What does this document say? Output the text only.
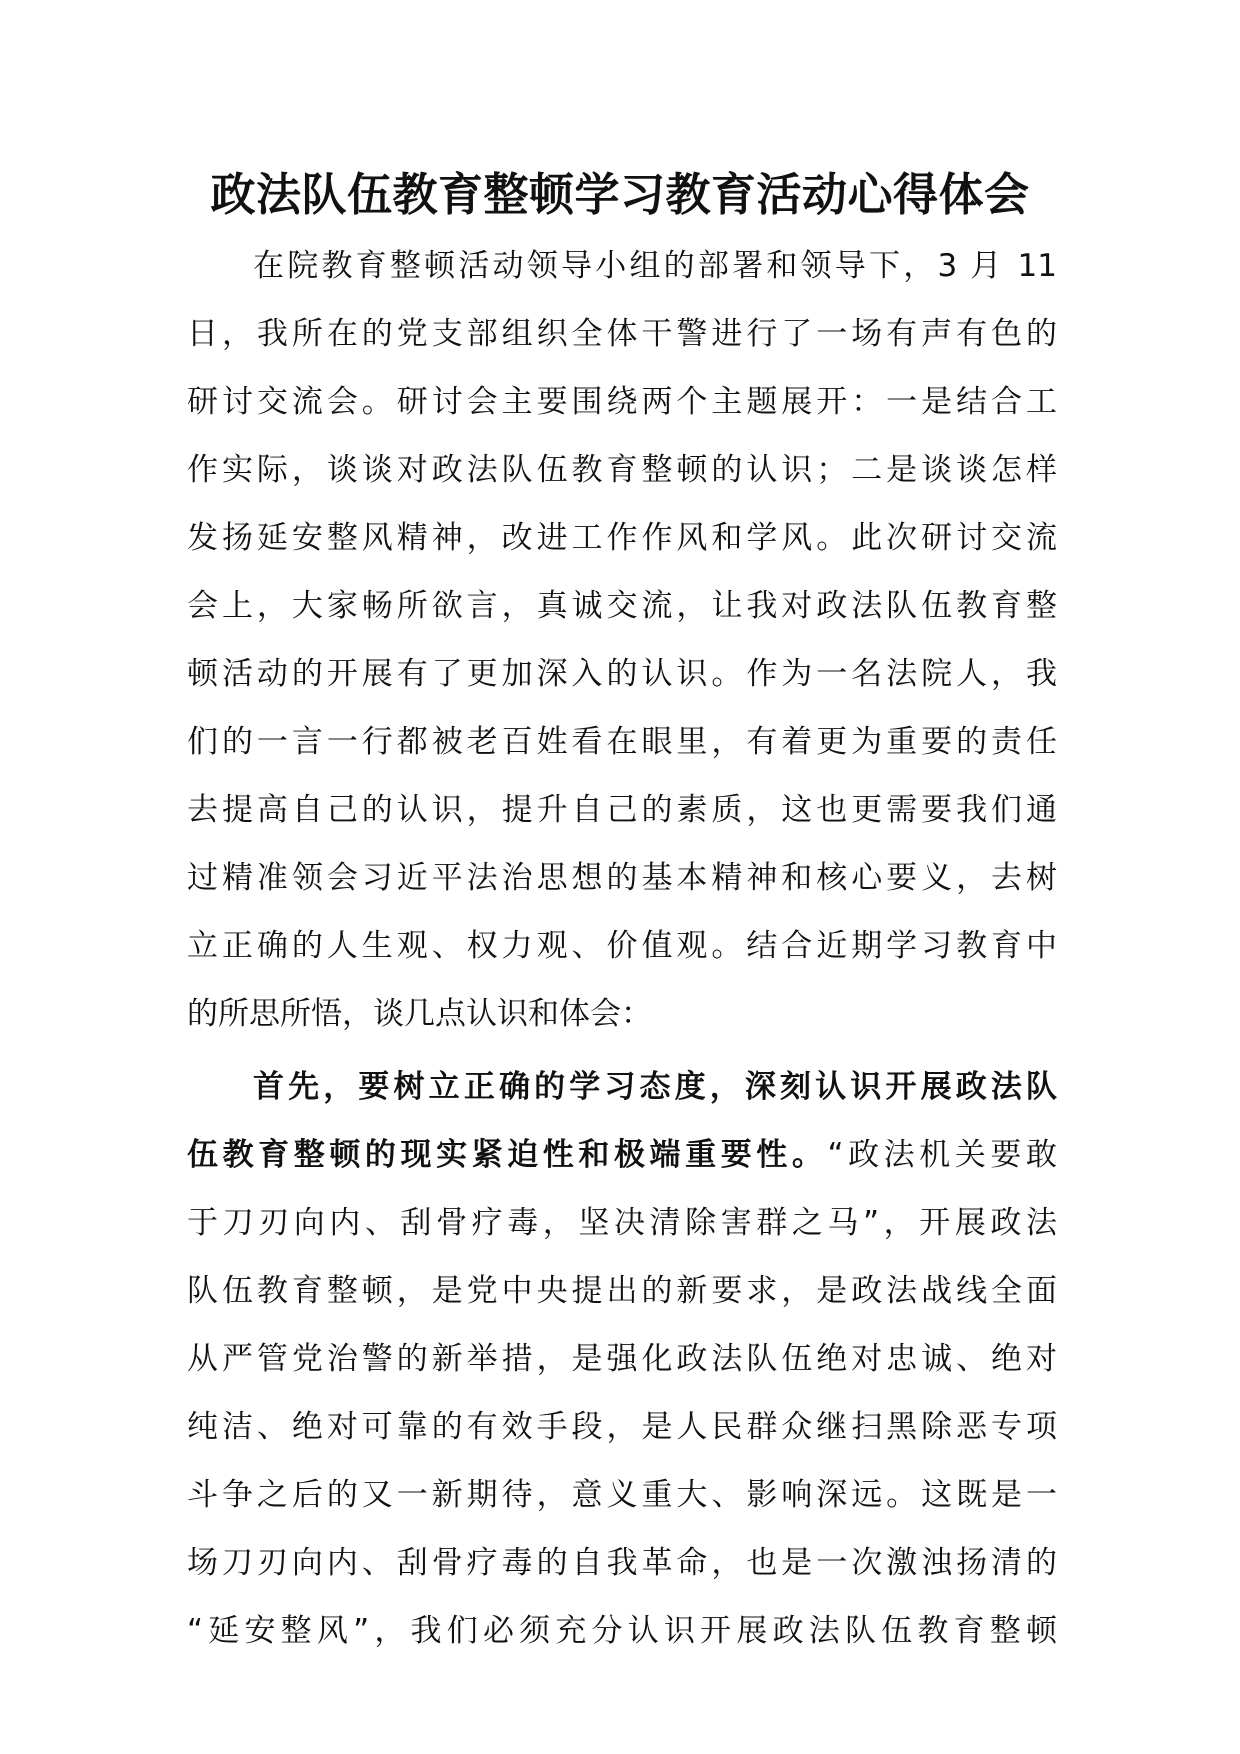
政法队伍教育整顿学习教育活动心得体会
在院教育整顿活动领导小组的部署和领导下，3 月 11
日，我所在的党支部组织全体干警进行了一场有声有色的
研讨交流会。研讨会主要围绕两个主题展开：一是结合工
作实际，谈谈对政法队伍教育整顿的认识；二是谈谈怎样
发扬延安整风精神，改进工作作风和学风。此次研讨交流
会上，大家畅所欲言，真诚交流，让我对政法队伍教育整
顿活动的开展有了更加深入的认识。作为一名法院人，我
们的一言一行都被老百姓看在眼里，有着更为重要的责任
去提高自己的认识，提升自己的素质，这也更需要我们通
过精准领会习近平法治思想的基本精神和核心要义，去树
立正确的人生观、权力观、价值观。结合近期学习教育中
的所思所悟，谈几点认识和体会：
首先，要树立正确的学习态度，深刻认识开展政法队
伍教育整顿的现实紧迫性和极端重要性。“政法机关要敢
于刀刃向内、刮骨疗毒，坚决清除害群之马”，开展政法
队伍教育整顿，是党中央提出的新要求，是政法战线全面
从严管党治警的新举措，是强化政法队伍绝对忠诚、绝对
纯洁、绝对可靠的有效手段，是人民群众继扫黑除恶专项
斗争之后的又一新期待，意义重大、影响深远。这既是一
场刀刃向内、刮骨疗毒的自我革命，也是一次激浊扬清的
“延安整风”，我们必须充分认识开展政法队伍教育整顿
